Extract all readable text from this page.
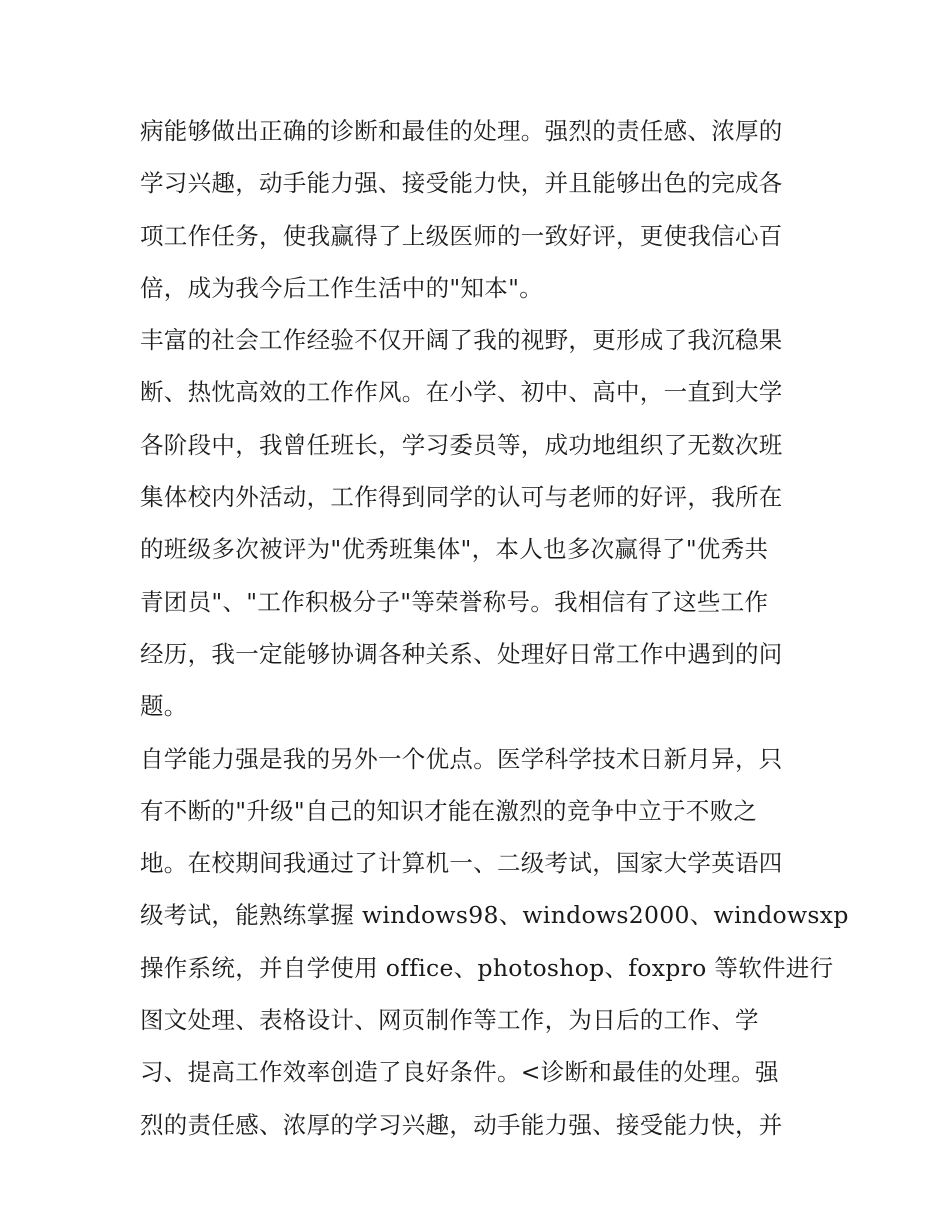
病能够做出正确的诊断和最佳的处理。强烈的责任感、浓厚的
学习兴趣，动手能力强、接受能力快，并且能够出色的完成各
项工作任务，使我赢得了上级医师的一致好评，更使我信心百
倍，成为我今后工作生活中的"知本"。
丰富的社会工作经验不仅开阔了我的视野，更形成了我沉稳果
断、热忱高效的工作作风。在小学、初中、高中，一直到大学
各阶段中，我曾任班长，学习委员等，成功地组织了无数次班
集体校内外活动，工作得到同学的认可与老师的好评，我所在
的班级多次被评为"优秀班集体"，本人也多次赢得了"优秀共
青团员"、"工作积极分子"等荣誉称号。我相信有了这些工作
经历，我一定能够协调各种关系、处理好日常工作中遇到的问
题。
自学能力强是我的另外一个优点。医学科学技术日新月异，只
有不断的"升级"自己的知识才能在激烈的竞争中立于不败之
地。在校期间我通过了计算机一、二级考试，国家大学英语四
级考试，能熟练掌握 windows98、windows2000、windowsxp
操作系统，并自学使用 office、photoshop、foxpro 等软件进行
图文处理、表格设计、网页制作等工作，为日后的工作、学
习、提高工作效率创造了良好条件。<诊断和最佳的处理。强
烈的责任感、浓厚的学习兴趣，动手能力强、接受能力快，并
